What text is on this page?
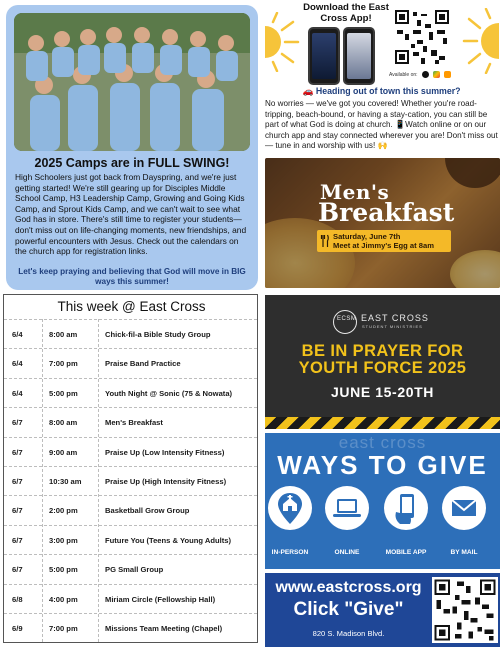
2025 Camps are in FULL SWING!
High Schoolers just got back from Dayspring, and we're just getting started! We're still gearing up for Disciples Middle School Camp, H3 Leadership Camp, Growing and Going Kids Camp, and Sprout Kids Camp, and we can't wait to see what God has in store. There's still time to register your students—don't miss out on life-changing moments, new friendships, and powerful encounters with Jesus. Check out the calendars on the church app for registration links.
Let's keep praying and believing that God will move in BIG ways this summer!
Download the East Cross App!
Available on:
🚗 Heading out of town this summer?
No worries — we've got you covered! Whether you're road-tripping, beach-bound, or having a stay-cation, you can still be part of what God is doing at church. 📱Watch online or on our church app and stay connected wherever you are! Don't miss out — tune in and worship with us! 🙌
Men's
Breakfast
Saturday, June 7th
Meet at Jimmy's Egg at 8am
This week @ East Cross
6/4	8:00 am	Chick-fil-a Bible Study Group
6/4	7:00 pm	Praise Band Practice
6/4	5:00 pm	Youth Night @ Sonic (75 & Nowata)
6/7	8:00 am	Men's Breakfast
6/7	9:00 am	Praise Up (Low Intensity Fitness)
6/7	10:30 am	Praise Up (High Intensity Fitness)
6/7	2:00 pm	Basketball Grow Group
6/7	3:00 pm	Future You (Teens & Young Adults)
6/7	5:00 pm	PG Small Group
6/8	4:00 pm	Miriam Circle (Fellowship Hall)
6/9	7:00 pm	Missions Team Meeting (Chapel)
ECSM EAST CROSS
STUDENT MINISTRIES
BE IN PRAYER FOR
YOUTH FORCE 2025
JUNE 15-20TH
east cross
WAYS TO GIVE
IN-PERSON	ONLINE	MOBILE APP	BY MAIL
www.eastcross.org
Click "Give"
820 S. Madison Blvd.
